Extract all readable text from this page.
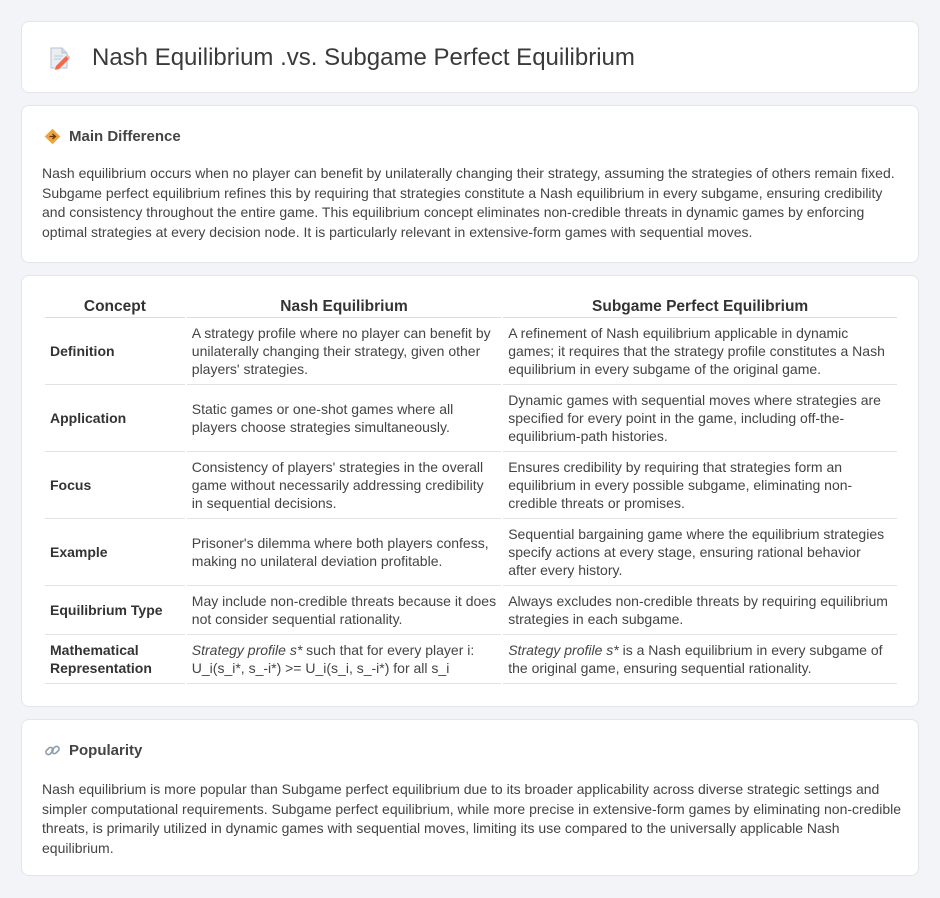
Nash Equilibrium .vs. Subgame Perfect Equilibrium
Main Difference

Nash equilibrium occurs when no player can benefit by unilaterally changing their strategy, assuming the strategies of others remain fixed. Subgame perfect equilibrium refines this by requiring that strategies constitute a Nash equilibrium in every subgame, ensuring credibility and consistency throughout the entire game. This equilibrium concept eliminates non-credible threats in dynamic games by enforcing optimal strategies at every decision node. It is particularly relevant in extensive-form games with sequential moves.

Concept	Nash Equilibrium	Subgame Perfect Equilibrium
Definition	A strategy profile where no player can benefit by unilaterally changing their strategy, given other players' strategies.	A refinement of Nash equilibrium applicable in dynamic games; it requires that the strategy profile constitutes a Nash equilibrium in every subgame of the original game.
Application	Static games or one-shot games where all players choose strategies simultaneously.	Dynamic games with sequential moves where strategies are specified for every point in the game, including off-the-equilibrium-path histories.
Focus	Consistency of players' strategies in the overall game without necessarily addressing credibility in sequential decisions.	Ensures credibility by requiring that strategies form an equilibrium in every possible subgame, eliminating non-credible threats or promises.
Example	Prisoner's dilemma where both players confess, making no unilateral deviation profitable.	Sequential bargaining game where the equilibrium strategies specify actions at every stage, ensuring rational behavior after every history.
Equilibrium Type	May include non-credible threats because it does not consider sequential rationality.	Always excludes non-credible threats by requiring equilibrium strategies in each subgame.
Mathematical Representation	Strategy profile s* such that for every player i: U_i(s_i*, s_-i*) >= U_i(s_i, s_-i*) for all s_i	Strategy profile s* is a Nash equilibrium in every subgame of the original game, ensuring sequential rationality.
Popularity

Nash equilibrium is more popular than Subgame perfect equilibrium due to its broader applicability across diverse strategic settings and simpler computational requirements. Subgame perfect equilibrium, while more precise in extensive-form games by eliminating non-credible threats, is primarily utilized in dynamic games with sequential moves, limiting its use compared to the universally applicable Nash equilibrium.
